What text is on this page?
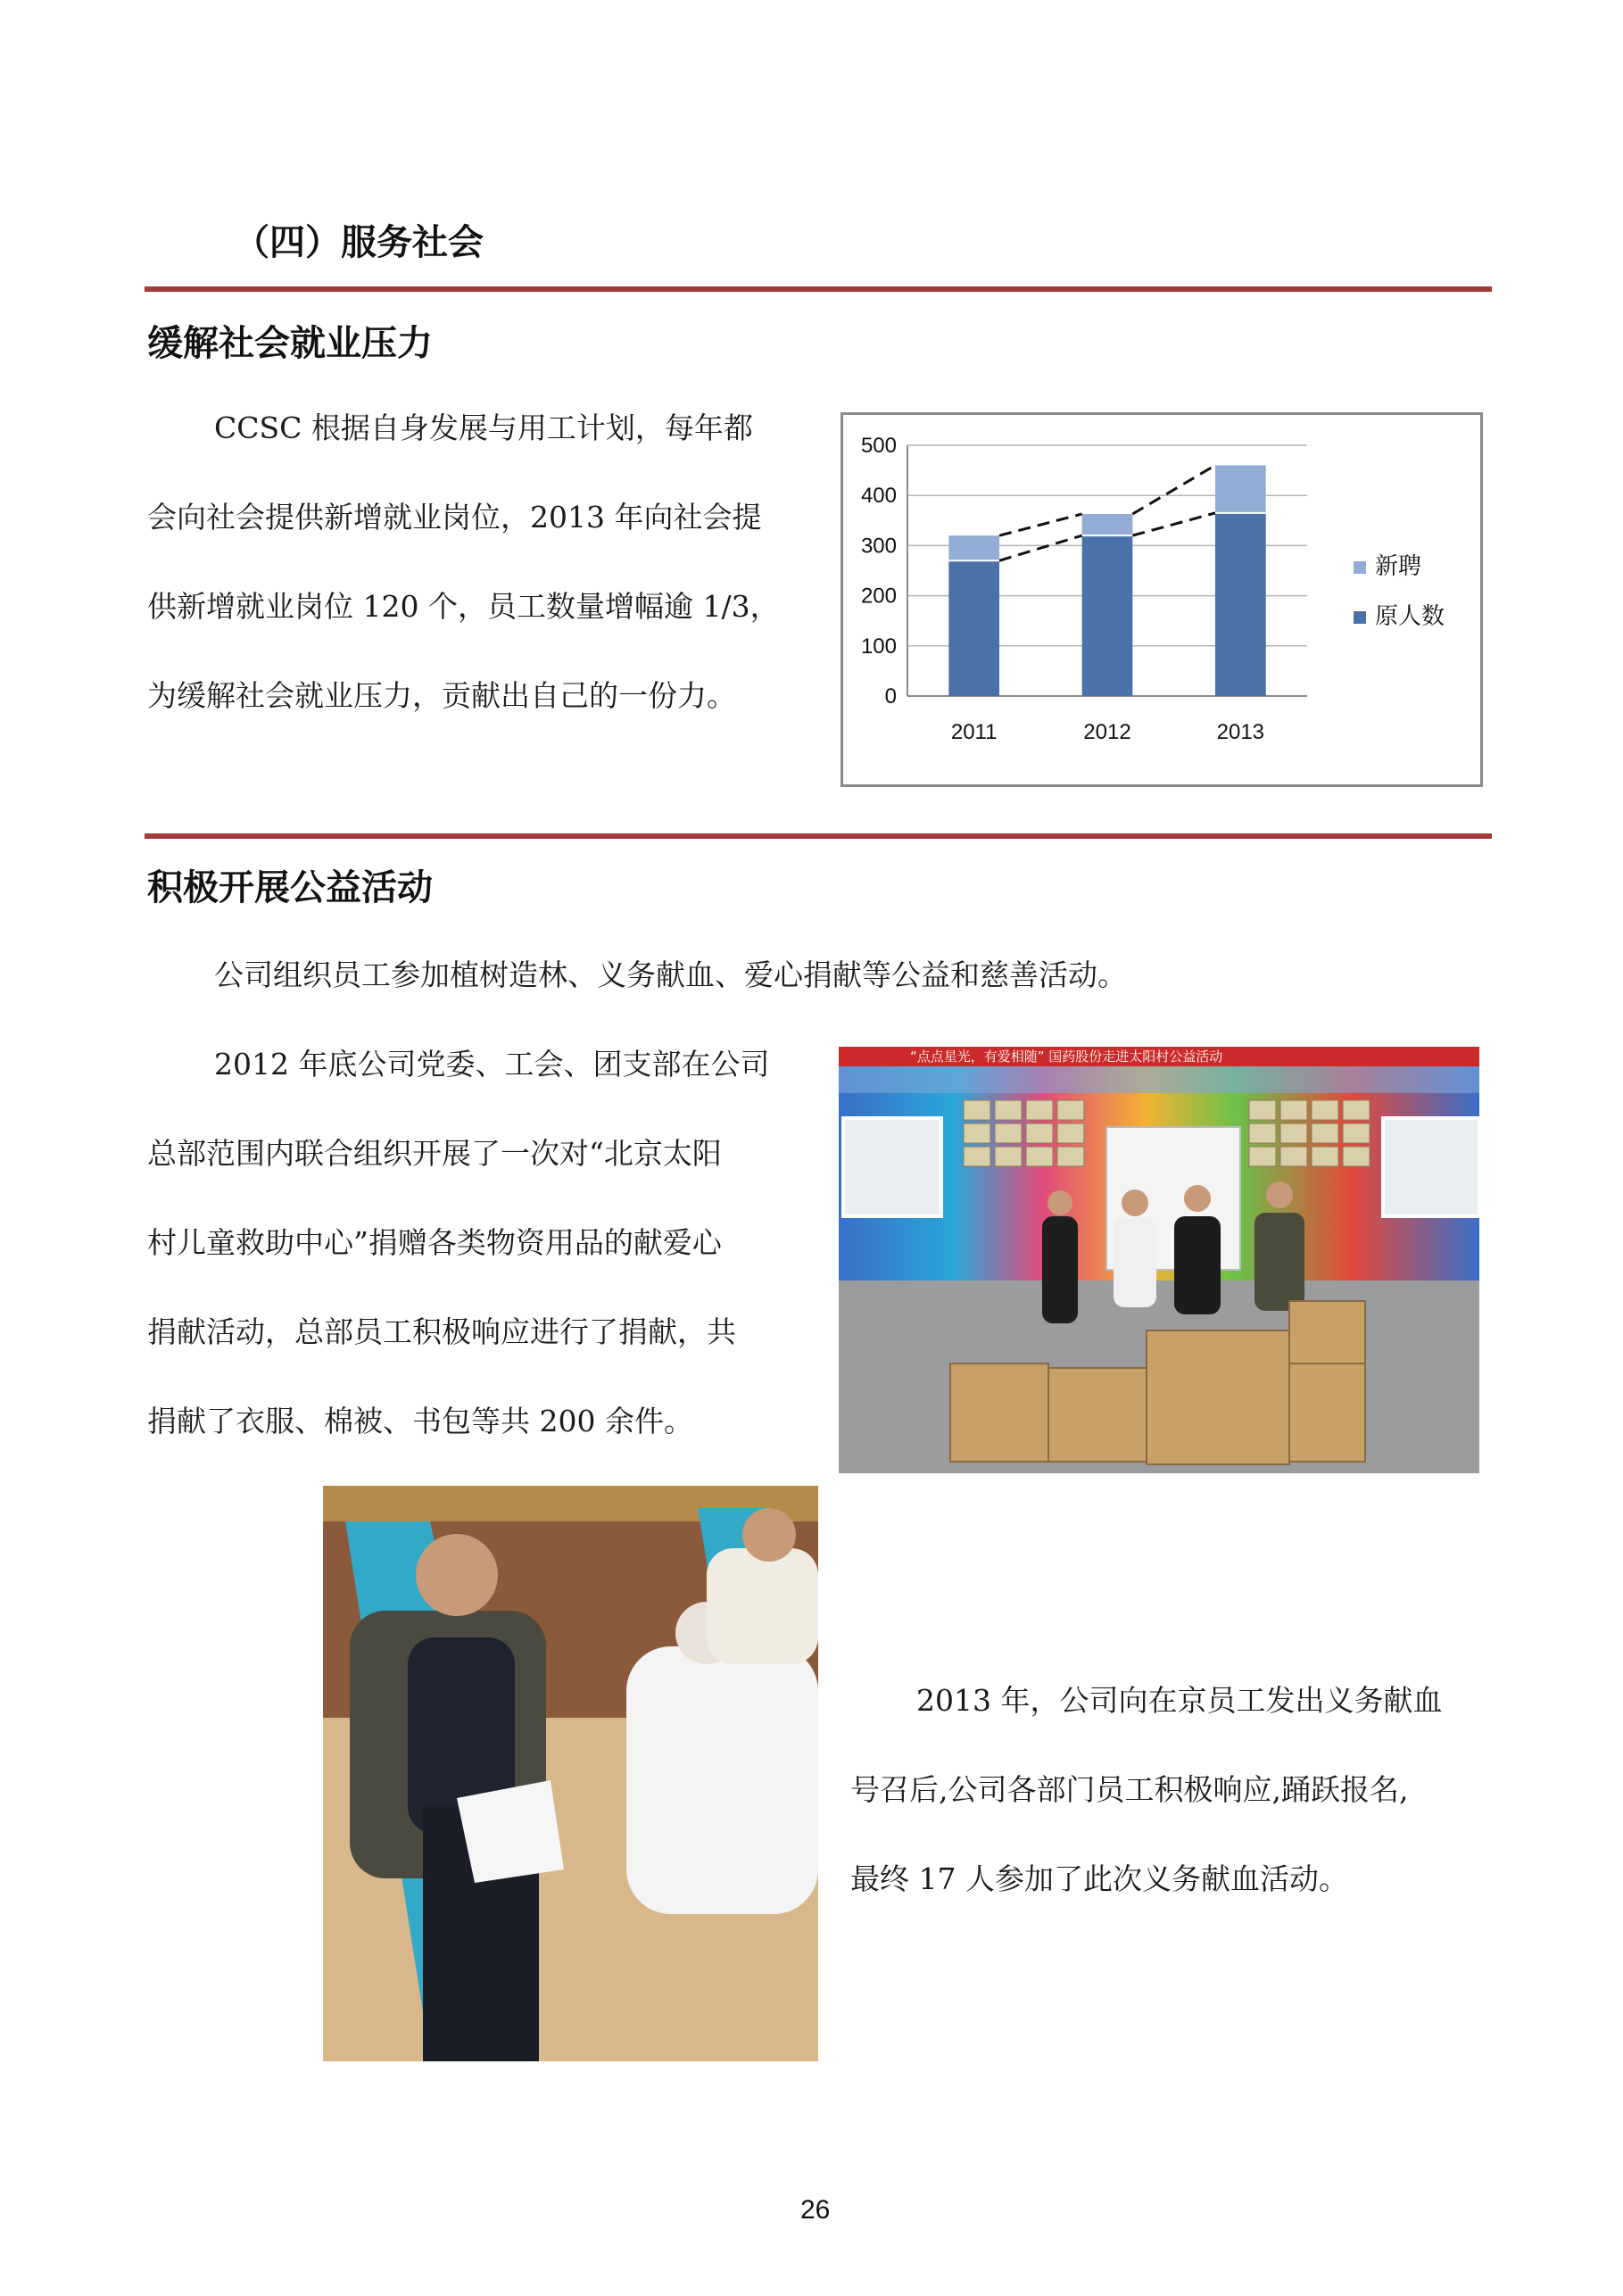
（四）服务社会
缓解社会就业压力
CCSC 根据自身发展与用工计划，每年都
会向社会提供新增就业岗位，2013 年向社会提
供新增就业岗位 120 个，员工数量增幅逾 1/3，
为缓解社会就业压力，贡献出自己的一份力。	0
100
200
300
400
500
2011	2012	2013
新聘
原人数
积极开展公益活动
公司组织员工参加植树造林、义务献血、爱心捐献等公益和慈善活动。
2012 年底公司党委、工会、团支部在公司
总部范围内联合组织开展了一次对“北京太阳
村儿童救助中心”捐赠各类物资用品的献爱心
捐献活动，总部员工积极响应进行了捐献，共
捐献了衣服、棉被、书包等共 200 余件。
“点点星光，有爱相随” 国药股份走进太阳村公益活动
2013 年，公司向在京员工发出义务献血
号召后,公司各部门员工积极响应,踊跃报名,
最终 17 人参加了此次义务献血活动。
26
